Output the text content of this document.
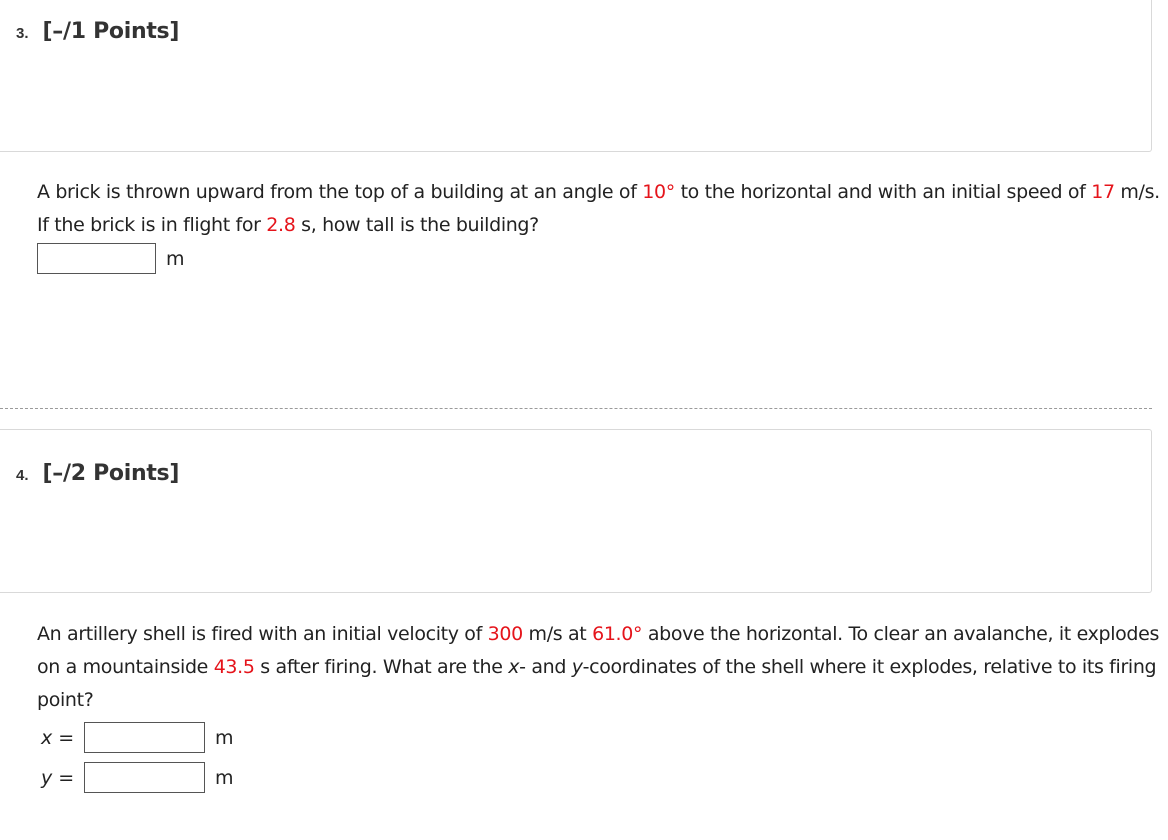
3. [–/1 Points]
A brick is thrown upward from the top of a building at an angle of 10° to the horizontal and with an initial speed of 17 m/s. If the brick is in flight for 2.8 s, how tall is the building?
m
4. [–/2 Points]
An artillery shell is fired with an initial velocity of 300 m/s at 61.0° above the horizontal. To clear an avalanche, it explodes on a mountainside 43.5 s after firing. What are the x- and y-coordinates of the shell where it explodes, relative to its firing point?
x =	m
y =	m
